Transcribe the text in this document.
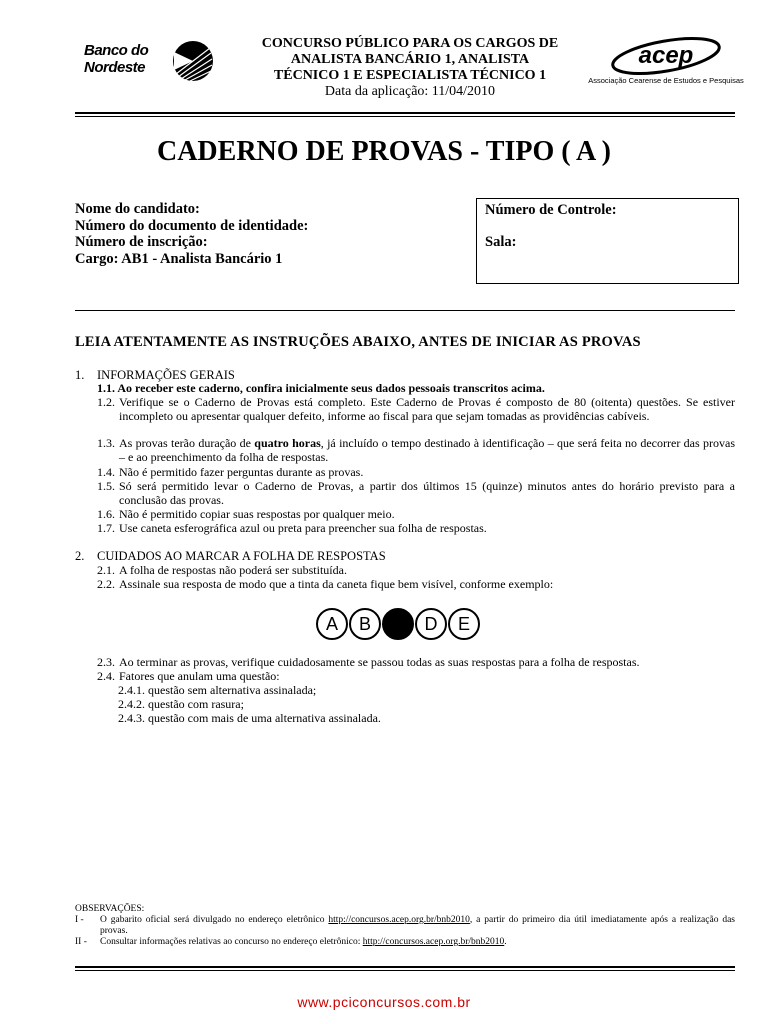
Banco do
Nordeste
CONCURSO PÚBLICO PARA OS CARGOS DE
ANALISTA BANCÁRIO 1, ANALISTA
TÉCNICO 1 E ESPECIALISTA TÉCNICO 1
Data da aplicação: 11/04/2010
acep
Associação Cearense de Estudos e Pesquisas
CADERNO DE PROVAS - TIPO ( A )
Nome do candidato:
Número do documento de identidade:
Número de inscrição:
Cargo: AB1 - Analista Bancário 1
Número de Controle:
Sala:
LEIA ATENTAMENTE AS INSTRUÇÕES ABAIXO, ANTES DE INICIAR AS PROVAS
1. INFORMAÇÕES GERAIS
1.1. Ao receber este caderno, confira inicialmente seus dados pessoais transcritos acima.
1.2. Verifique se o Caderno de Provas está completo. Este Caderno de Provas é composto de 80 (oitenta) questões. Se estiver incompleto ou apresentar qualquer defeito, informe ao fiscal para que sejam tomadas as providências cabíveis.
1.3. As provas terão duração de quatro horas, já incluído o tempo destinado à identificação – que será feita no decorrer das provas – e ao preenchimento da folha de respostas.
1.4. Não é permitido fazer perguntas durante as provas.
1.5. Só será permitido levar o Caderno de Provas, a partir dos últimos 15 (quinze) minutos antes do horário previsto para a conclusão das provas.
1.6. Não é permitido copiar suas respostas por qualquer meio.
1.7. Use caneta esferográfica azul ou preta para preencher sua folha de respostas.
2. CUIDADOS AO MARCAR A FOLHA DE RESPOSTAS
2.1. A folha de respostas não poderá ser substituída.
2.2. Assinale sua resposta de modo que a tinta da caneta fique bem visível, conforme exemplo:
A	B	D	E
2.3. Ao terminar as provas, verifique cuidadosamente se passou todas as suas respostas para a folha de respostas.
2.4. Fatores que anulam uma questão:
2.4.1. questão sem alternativa assinalada;
2.4.2. questão com rasura;
2.4.3. questão com mais de uma alternativa assinalada.
OBSERVAÇÕES:
I - O gabarito oficial será divulgado no endereço eletrônico http://concursos.acep.org.br/bnb2010, a partir do primeiro dia útil imediatamente após a realização das provas.
II - Consultar informações relativas ao concurso no endereço eletrônico: http://concursos.acep.org.br/bnb2010.
www.pciconcursos.com.br
